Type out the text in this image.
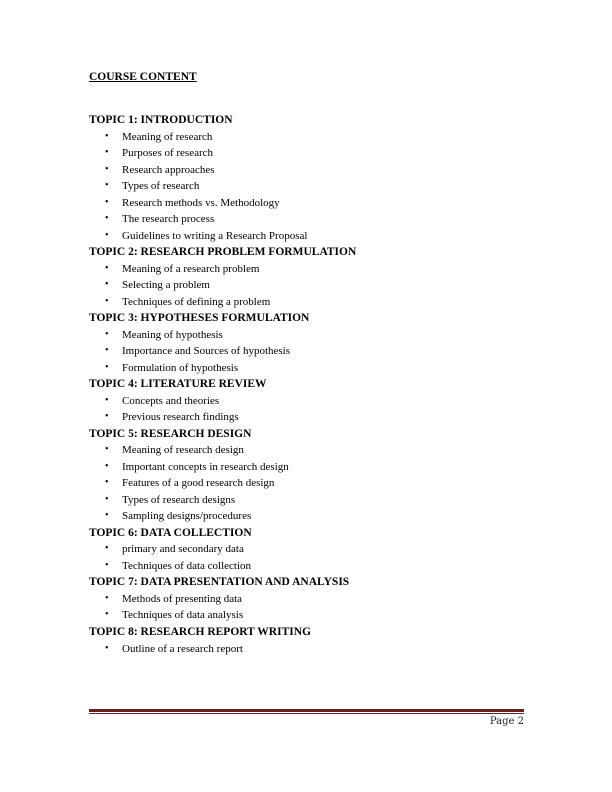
COURSE CONTENT
TOPIC 1: INTRODUCTION
• Meaning of research
• Purposes of research
• Research approaches
• Types of research
• Research methods vs. Methodology
• The research process
• Guidelines to writing a Research Proposal
TOPIC 2: RESEARCH PROBLEM FORMULATION
• Meaning of a research problem
• Selecting a problem
• Techniques of defining a problem
TOPIC 3: HYPOTHESES FORMULATION
• Meaning of hypothesis
• Importance and Sources of hypothesis
• Formulation of hypothesis
TOPIC 4: LITERATURE REVIEW
• Concepts and theories
• Previous research findings
TOPIC 5: RESEARCH DESIGN
• Meaning of research design
• Important concepts in research design
• Features of a good research design
• Types of research designs
• Sampling designs/procedures
TOPIC 6: DATA COLLECTION
• primary and secondary data
• Techniques of data collection
TOPIC 7: DATA PRESENTATION AND ANALYSIS
• Methods of presenting data
• Techniques of data analysis
TOPIC 8: RESEARCH REPORT WRITING
• Outline of a research report
Page 2
